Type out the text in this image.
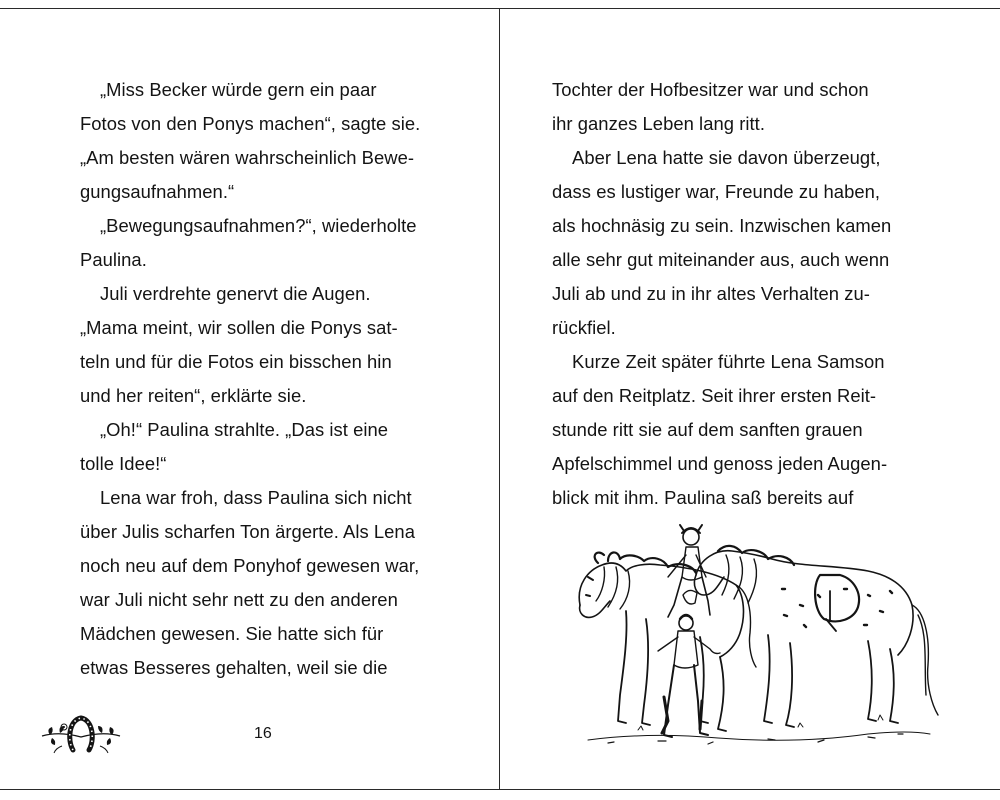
„Miss Becker würde gern ein paar
Fotos von den Ponys machen“, sagte sie.
„Am besten wären wahrscheinlich Bewe-
gungsaufnahmen.“
„Bewegungsaufnahmen?“, wiederholte
Paulina.
Juli verdrehte genervt die Augen.
„Mama meint, wir sollen die Ponys sat-
teln und für die Fotos ein bisschen hin
und her reiten“, erklärte sie.
„Oh!“ Paulina strahlte. „Das ist eine
tolle Idee!“
Lena war froh, dass Paulina sich nicht
über Julis scharfen Ton ärgerte. Als Lena
noch neu auf dem Ponyhof gewesen war,
war Juli nicht sehr nett zu den anderen
Mädchen gewesen. Sie hatte sich für
etwas Besseres gehalten, weil sie die
16
Tochter der Hofbesitzer war und schon
ihr ganzes Leben lang ritt.
Aber Lena hatte sie davon überzeugt,
dass es lustiger war, Freunde zu haben,
als hochnäsig zu sein. Inzwischen kamen
alle sehr gut miteinander aus, auch wenn
Juli ab und zu in ihr altes Verhalten zu-
rückfiel.
Kurze Zeit später führte Lena Samson
auf den Reitplatz. Seit ihrer ersten Reit-
stunde ritt sie auf dem sanften grauen
Apfelschimmel und genoss jeden Augen-
blick mit ihm. Paulina saß bereits auf
